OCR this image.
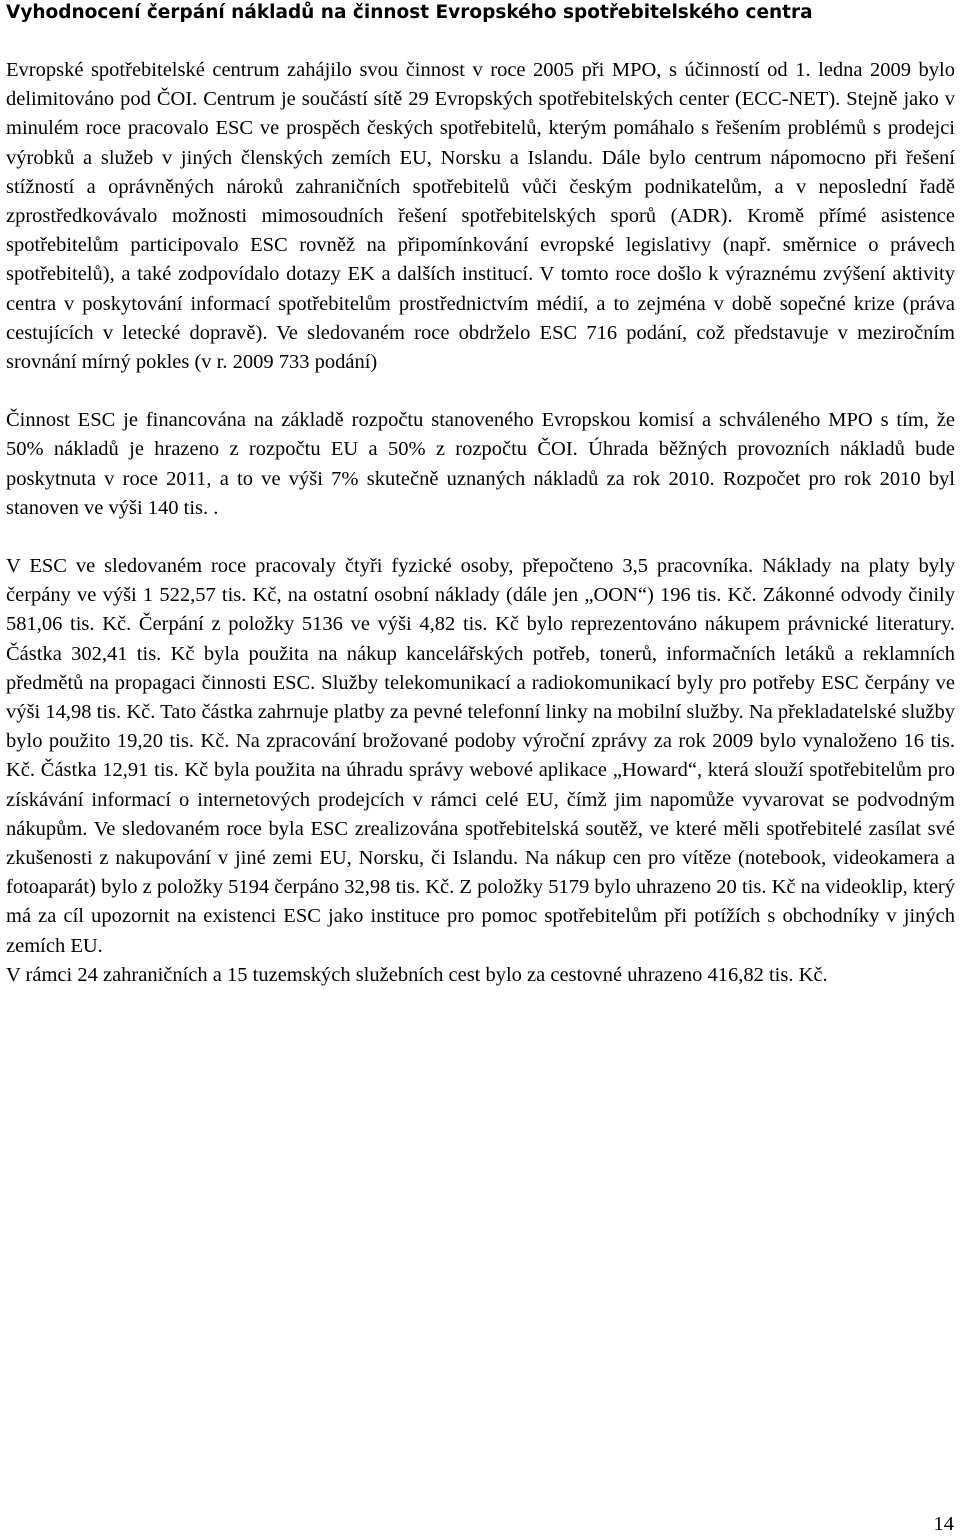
Vyhodnocení čerpání nákladů na činnost Evropského spotřebitelského centra

Evropské spotřebitelské centrum zahájilo svou činnost v roce 2005 při MPO, s účinností od 1. ledna 2009 bylo delimitováno pod ČOI. Centrum je součástí sítě 29 Evropských spotřebitelských center (ECC-NET). Stejně jako v minulém roce pracovalo ESC ve prospěch českých spotřebitelů, kterým pomáhalo s řešením problémů s prodejci výrobků a služeb v jiných členských zemích EU, Norsku a Islandu. Dále bylo centrum nápomocno při řešení stížností a oprávněných nároků zahraničních spotřebitelů vůči českým podnikatelům, a v neposlední řadě zprostředkovávalo možnosti mimosoudních řešení spotřebitelských sporů (ADR). Kromě přímé asistence spotřebitelům participovalo ESC rovněž na připomínkování evropské legislativy (např. směrnice o právech spotřebitelů), a také zodpovídalo dotazy EK a dalších institucí. V tomto roce došlo k výraznému zvýšení aktivity centra v poskytování informací spotřebitelům prostřednictvím médií, a to zejména v době sopečné krize (práva cestujících v letecké dopravě). Ve sledovaném roce obdrželo ESC 716 podání, což představuje v meziročním srovnání mírný pokles (v r. 2009 733 podání)

Činnost ESC je financována na základě rozpočtu stanoveného Evropskou komisí a schváleného MPO s tím, že 50% nákladů je hrazeno z rozpočtu EU a 50% z rozpočtu ČOI. Úhrada běžných provozních nákladů bude poskytnuta v roce 2011, a to ve výši 7% skutečně uznaných nákladů za rok 2010. Rozpočet pro rok 2010 byl stanoven ve výši 140 tis. .

V ESC ve sledovaném roce pracovaly čtyři fyzické osoby, přepočteno 3,5 pracovníka. Náklady na platy byly čerpány ve výši 1 522,57 tis. Kč, na ostatní osobní náklady (dále jen „OON“) 196 tis. Kč. Zákonné odvody činily 581,06 tis. Kč. Čerpání z položky 5136 ve výši 4,82 tis. Kč bylo reprezentováno nákupem právnické literatury. Částka 302,41 tis. Kč byla použita na nákup kancelářských potřeb, tonerů, informačních letáků a reklamních předmětů na propagaci činnosti ESC. Služby telekomunikací a radiokomunikací byly pro potřeby ESC čerpány ve výši 14,98 tis. Kč. Tato částka zahrnuje platby za pevné telefonní linky na mobilní služby. Na překladatelské služby bylo použito 19,20 tis. Kč. Na zpracování brožované podoby výroční zprávy za rok 2009 bylo vynaloženo 16 tis. Kč. Částka 12,91 tis. Kč byla použita na úhradu správy webové aplikace „Howard“, která slouží spotřebitelům pro získávání informací o internetových prodejcích v rámci celé EU, čímž jim napomůže vyvarovat se podvodným nákupům. Ve sledovaném roce byla ESC zrealizována spotřebitelská soutěž, ve které měli spotřebitelé zasílat své zkušenosti z nakupování v jiné zemi EU, Norsku, či Islandu. Na nákup cen pro vítěze (notebook, videokamera a fotoaparát) bylo z položky 5194 čerpáno 32,98 tis. Kč. Z položky 5179 bylo uhrazeno 20 tis. Kč na videoklip, který má za cíl upozornit na existenci ESC jako instituce pro pomoc spotřebitelům při potížích s obchodníky v jiných zemích EU.

V rámci 24 zahraničních a 15 tuzemských služebních cest bylo za cestovné uhrazeno 416,82 tis. Kč.

14
